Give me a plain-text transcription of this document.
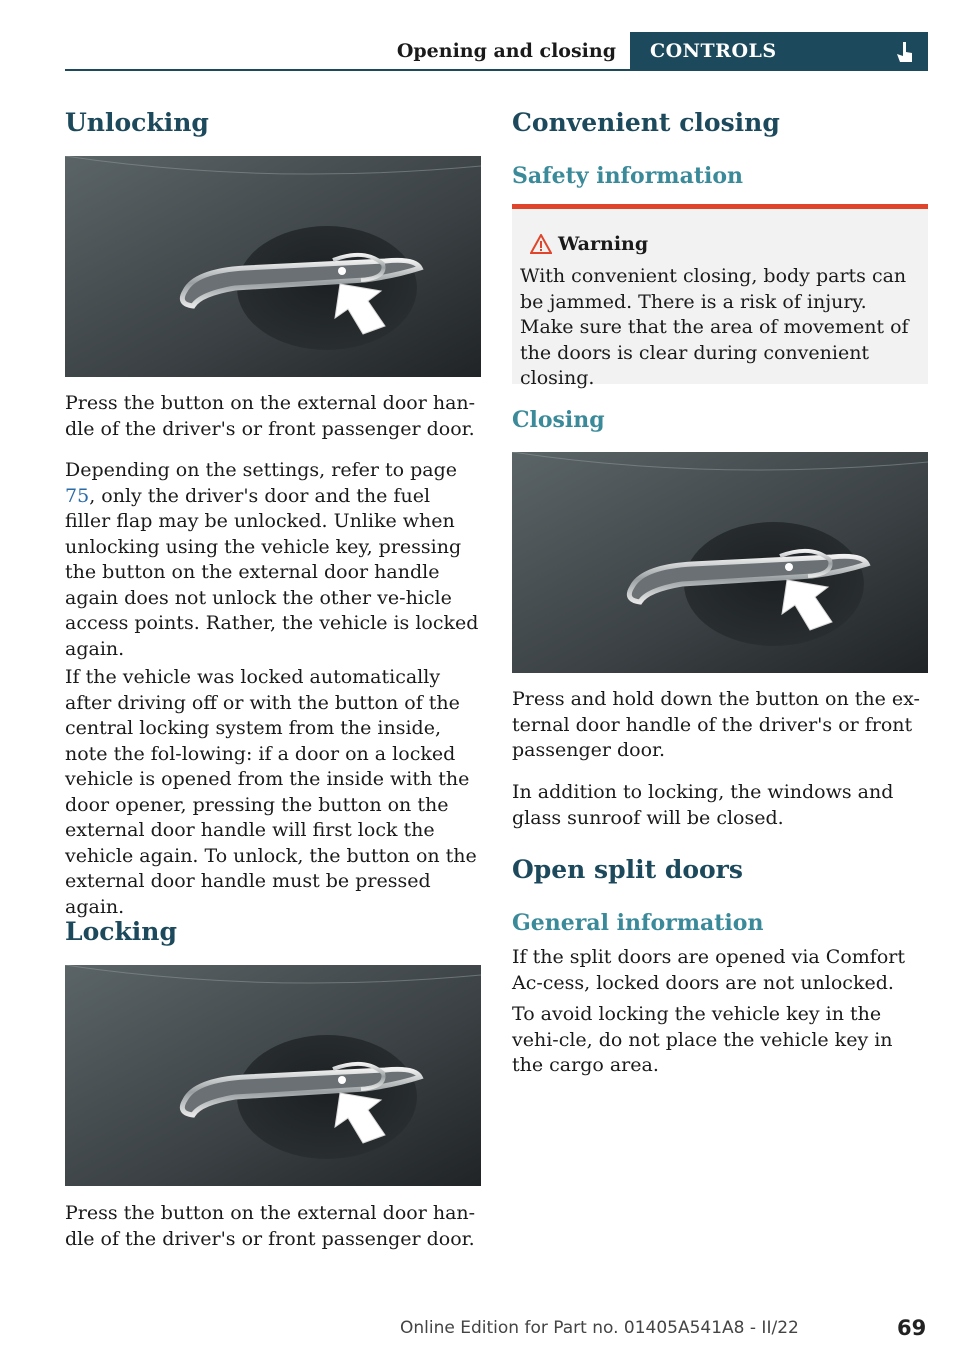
Opening and closing	CONTROLS
Unlocking

Press the button on the external door han-dle of the driver's or front passenger door.

Depending on the settings, refer to page 75, only the driver's door and the fuel filler flap may be unlocked. Unlike when unlocking using the vehicle key, pressing the button on the external door handle again does not unlock the other ve-hicle access points. Rather, the vehicle is locked again.

If the vehicle was locked automatically after driving off or with the button of the central locking system from the inside, note the fol-lowing: if a door on a locked vehicle is opened from the inside with the door opener, pressing the button on the external door handle will first lock the vehicle again. To unlock, the button on the external door handle must be pressed again.

Locking

Press the button on the external door han-dle of the driver's or front passenger door.

Convenient closing
Safety information
Warning

With convenient closing, body parts can be jammed. There is a risk of injury. Make sure that the area of movement of the doors is clear during convenient closing.

Closing

Press and hold down the button on the ex-ternal door handle of the driver's or front passenger door.

In addition to locking, the windows and glass sunroof will be closed.

Open split doors
General information

If the split doors are opened via Comfort Ac-cess, locked doors are not unlocked.

To avoid locking the vehicle key in the vehi-cle, do not place the vehicle key in the cargo area.

Online Edition for Part no. 01405A541A8 - II/22	69
